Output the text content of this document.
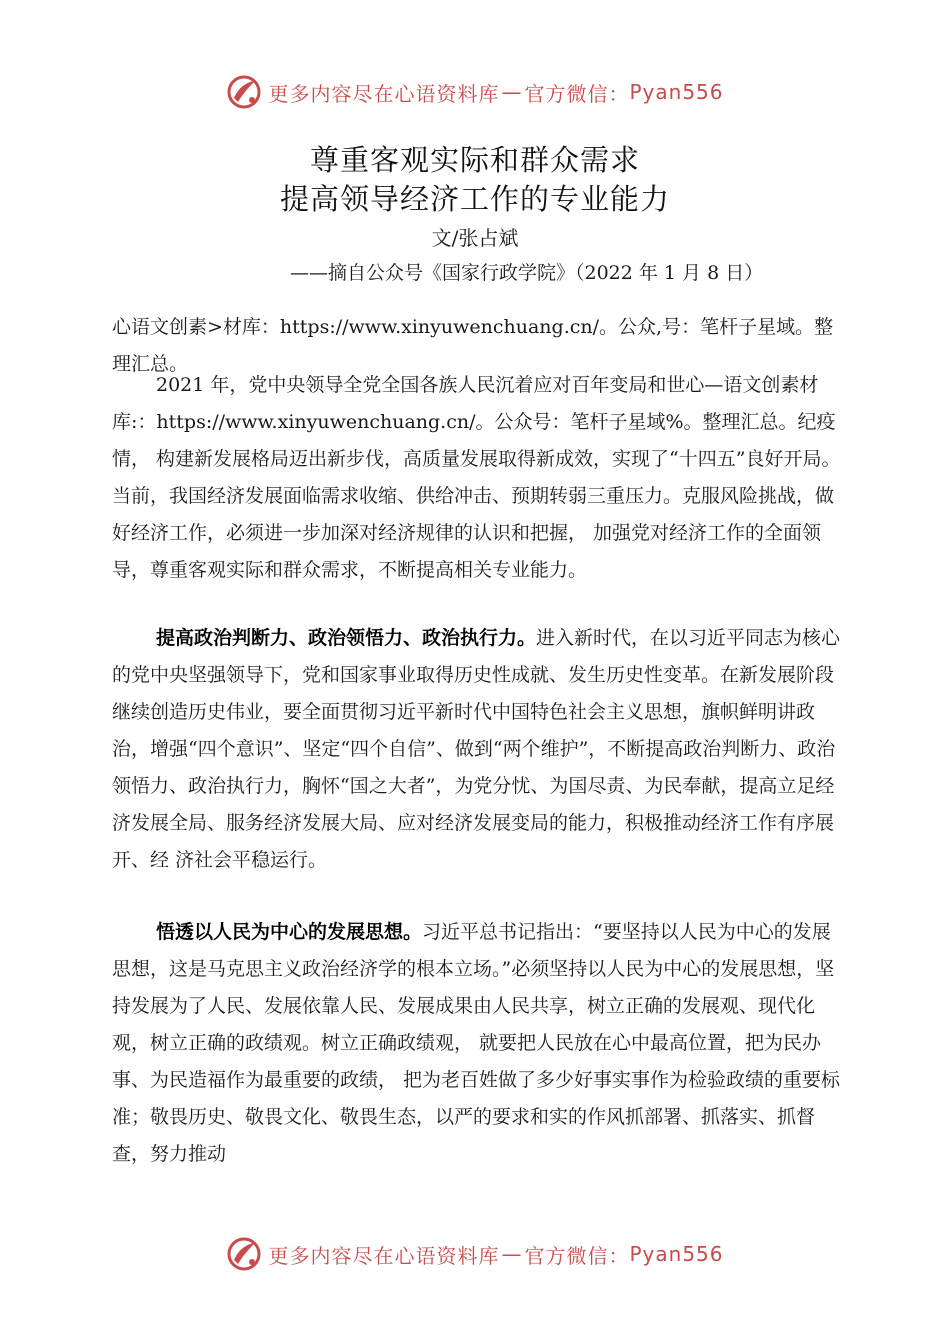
更多内容尽在心语资料库 — 官方微信： Pyan556
尊重客观实际和群众需求
提高领导经济工作的专业能力
文/张占斌
——摘自公众号《国家行政学院》（2022 年 1 月 8 日）

心语文创素>材库：https://www.xinyuwenchuang.cn/。公众,号：笔杆子星域。整理汇总。

2021 年，党中央领导全党全国各族人民沉着应对百年变局和世心—语文创素材库:：https://www.xinyuwenchuang.cn/。公众号：笔杆子星域%。整理汇总。纪疫情， 构建新发展格局迈出新步伐，高质量发展取得新成效，实现了“十四五”良好开局。当前，我国经济发展面临需求收缩、供给冲击、预期转弱三重压力。克服风险挑战，做好经济工作，必须进一步加深对经济规律的认识和把握， 加强党对经济工作的全面领导，尊重客观实际和群众需求，不断提高相关专业能力。

提高政治判断力、政治领悟力、政治执行力。进入新时代，在以习近平同志为核心的党中央坚强领导下，党和国家事业取得历史性成就、发生历史性变革。在新发展阶段继续创造历史伟业，要全面贯彻习近平新时代中国特色社会主义思想，旗帜鲜明讲政治，增强“四个意识”、坚定“四个自信”、做到“两个维护”，不断提高政治判断力、政治领悟力、政治执行力，胸怀“国之大者”，为党分忧、为国尽责、为民奉献，提高立足经济发展全局、服务经济发展大局、应对经济发展变局的能力，积极推动经济工作有序展开、经 济社会平稳运行。

悟透以人民为中心的发展思想。习近平总书记指出：“要坚持以人民为中心的发展思想，这是马克思主义政治经济学的根本立场。”必须坚持以人民为中心的发展思想，坚持发展为了人民、发展依靠人民、发展成果由人民共享，树立正确的发展观、现代化观，树立正确的政绩观。树立正确政绩观， 就要把人民放在心中最高位置，把为民办事、为民造福作为最重要的政绩， 把为老百姓做了多少好事实事作为检验政绩的重要标准；敬畏历史、敬畏文化、敬畏生态，以严的要求和实的作风抓部署、抓落实、抓督查，努力推动

更多内容尽在心语资料库 — 官方微信： Pyan556
